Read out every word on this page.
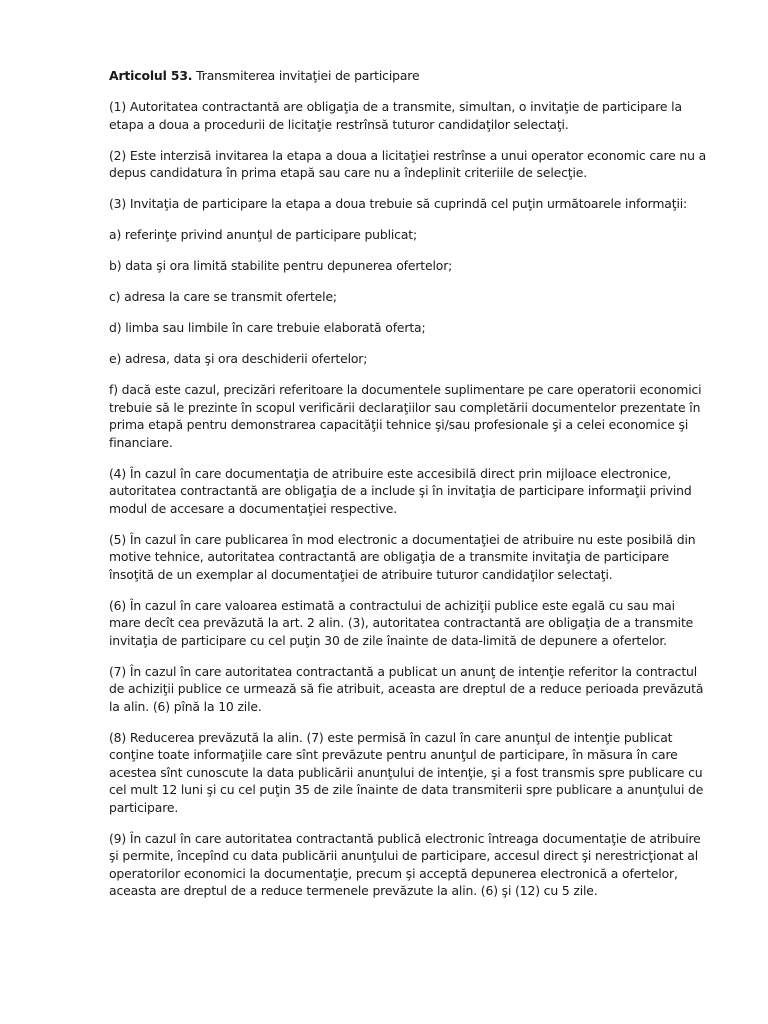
Articolul 53. Transmiterea invitaţiei de participare

(1) Autoritatea contractantă are obligaţia de a transmite, simultan, o invitaţie de participare la etapa a doua a procedurii de licitaţie restrînsă tuturor candidaţilor selectaţi.

(2) Este interzisă invitarea la etapa a doua a licitaţiei restrînse a unui operator economic care nu a depus candidatura în prima etapă sau care nu a îndeplinit criteriile de selecţie.

(3) Invitaţia de participare la etapa a doua trebuie să cuprindă cel puţin următoarele informaţii:

a) referinţe privind anunţul de participare publicat;

b) data şi ora limită stabilite pentru depunerea ofertelor;

c) adresa la care se transmit ofertele;

d) limba sau limbile în care trebuie elaborată oferta;

e) adresa, data şi ora deschiderii ofertelor;

f) dacă este cazul, precizări referitoare la documentele suplimentare pe care operatorii economici trebuie să le prezinte în scopul verificării declaraţiilor sau completării documentelor prezentate în prima etapă pentru demonstrarea capacităţii tehnice şi/sau profesionale şi a celei economice şi financiare.

(4) În cazul în care documentaţia de atribuire este accesibilă direct prin mijloace electronice, autoritatea contractantă are obligaţia de a include şi în invitaţia de participare informaţii privind modul de accesare a documentaţiei respective.

(5) În cazul în care publicarea în mod electronic a documentaţiei de atribuire nu este posibilă din motive tehnice, autoritatea contractantă are obligaţia de a transmite invitaţia de participare însoţită de un exemplar al documentaţiei de atribuire tuturor candidaţilor selectaţi.

(6) În cazul în care valoarea estimată a contractului de achiziţii publice este egală cu sau mai mare decît cea prevăzută la art. 2 alin. (3), autoritatea contractantă are obligaţia de a transmite invitaţia de participare cu cel puţin 30 de zile înainte de data-limită de depunere a ofertelor.

(7) În cazul în care autoritatea contractantă a publicat un anunţ de intenţie referitor la contractul de achiziţii publice ce urmează să fie atribuit, aceasta are dreptul de a reduce perioada prevăzută la alin. (6) pînă la 10 zile.

(8) Reducerea prevăzută la alin. (7) este permisă în cazul în care anunţul de intenţie publicat conţine toate informaţiile care sînt prevăzute pentru anunţul de participare, în măsura în care acestea sînt cunoscute la data publicării anunţului de intenţie, şi a fost transmis spre publicare cu cel mult 12 luni şi cu cel puţin 35 de zile înainte de data transmiterii spre publicare a anunţului de participare.

(9) În cazul în care autoritatea contractantă publică electronic întreaga documentaţie de atribuire şi permite, începînd cu data publicării anunţului de participare, accesul direct şi nerestricţionat al operatorilor economici la documentaţie, precum şi acceptă depunerea electronică a ofertelor, aceasta are dreptul de a reduce termenele prevăzute la alin. (6) şi (12) cu 5 zile.
